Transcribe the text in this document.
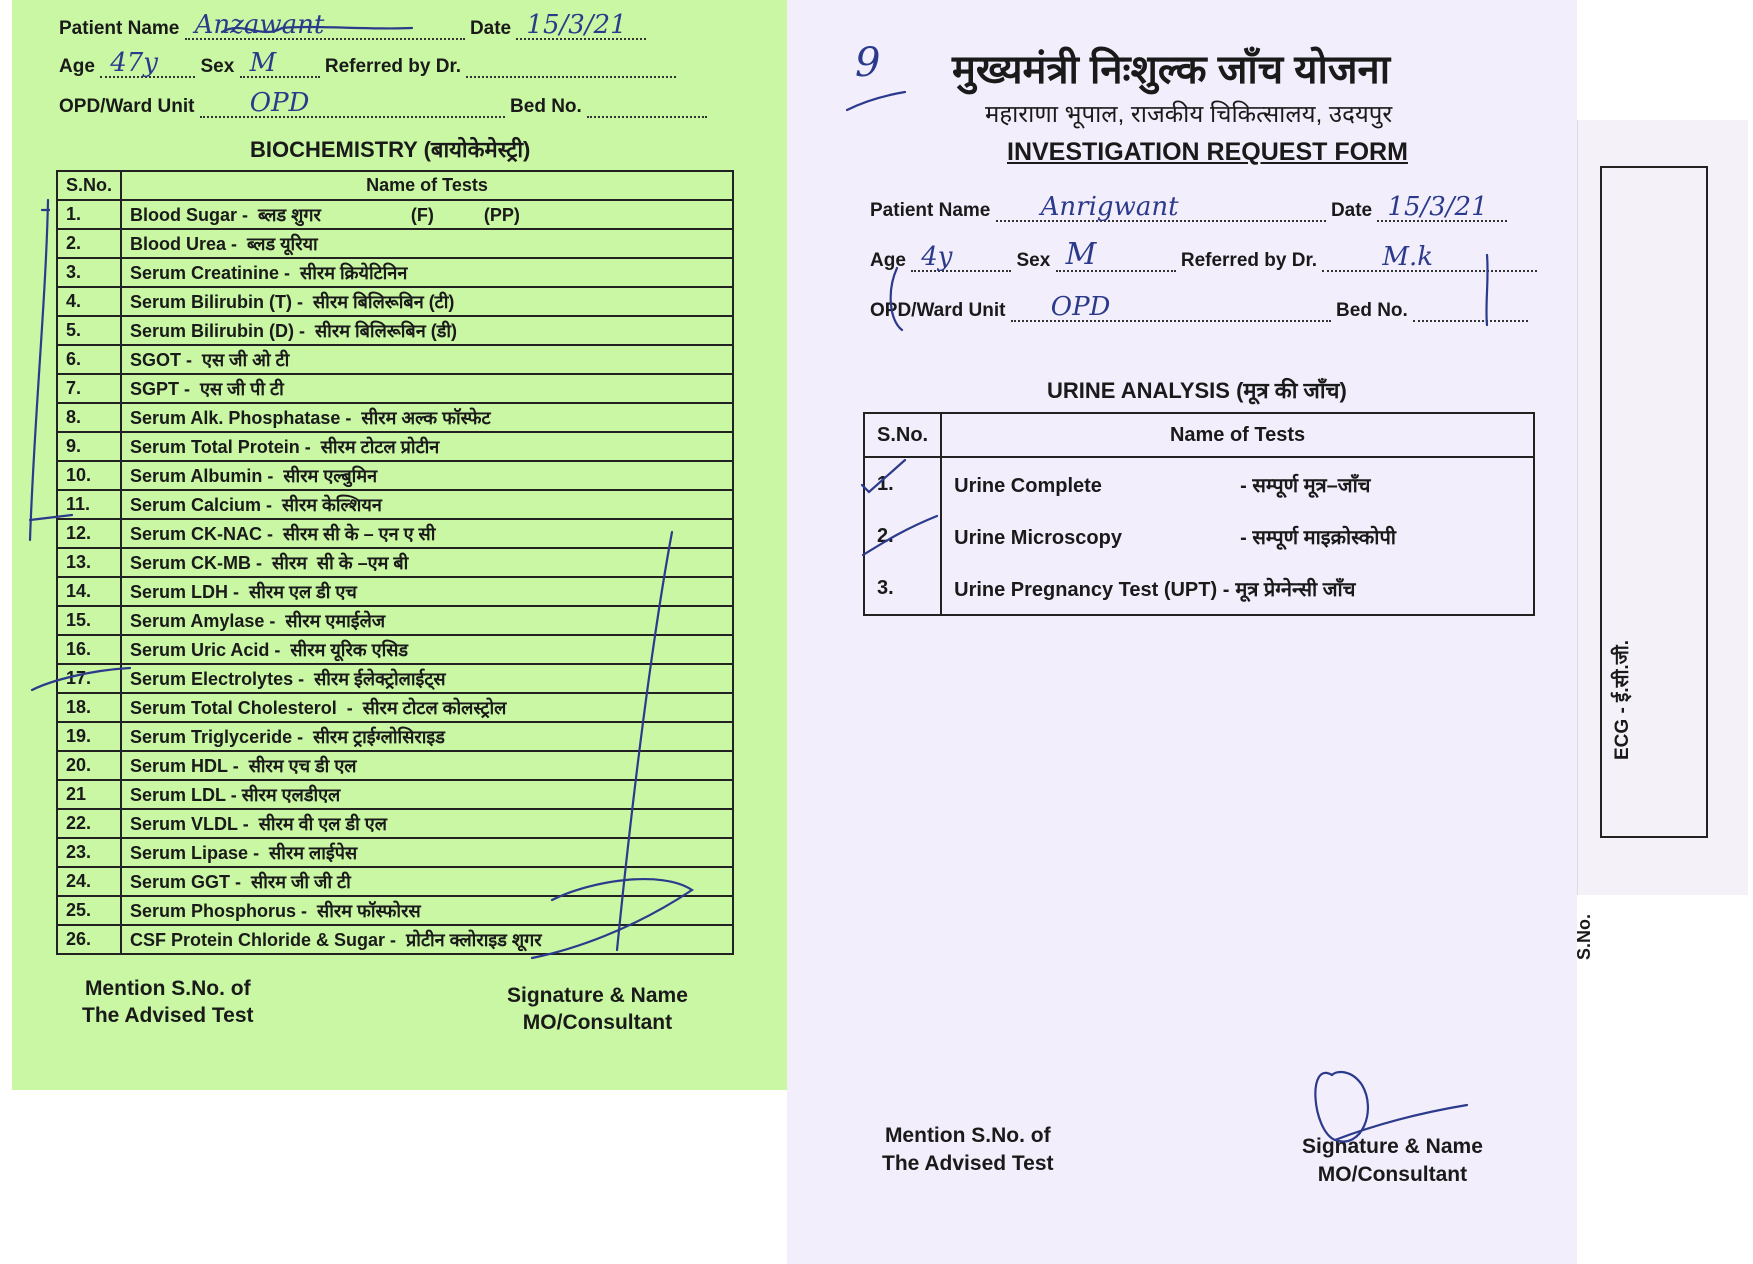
Patient Name Anzawant	Date 15/3/21
Age 47y Sex M	Referred by Dr.
OPD/Ward Unit OPD	Bed No.
BIOCHEMISTRY (बायोकेमेस्ट्री)
S.No.	Name of Tests
1.	Blood Sugar -  ब्लड शुगर                  (F)          (PP)
2.	Blood Urea -  ब्लड यूरिया
3.	Serum Creatinine -  सीरम क्रियेटिनिन
4.	Serum Bilirubin (T) -  सीरम बिलिरूबिन (टी)
5.	Serum Bilirubin (D) -  सीरम बिलिरूबिन (डी)
6.	SGOT -  एस जी ओ टी
7.	SGPT -  एस जी पी टी
8.	Serum Alk. Phosphatase -  सीरम अल्क फॉस्फेट
9.	Serum Total Protein -  सीरम टोटल प्रोटीन
10.	Serum Albumin -  सीरम एल्बुमिन
11.	Serum Calcium -  सीरम केल्शियन
12.	Serum CK-NAC -  सीरम सी के – एन ए सी
13.	Serum CK-MB -  सीरम  सी के –एम बी
14.	Serum LDH -  सीरम एल डी एच
15.	Serum Amylase -  सीरम एमाईलेज
16.	Serum Uric Acid -  सीरम यूरिक एसिड
17.	Serum Electrolytes -  सीरम ईलेक्ट्रोलाईट्स
18.	Serum Total Cholesterol  -  सीरम टोटल कोलस्ट्रोल
19.	Serum Triglyceride -  सीरम ट्राईग्लोसिराइड
20.	Serum HDL -  सीरम एच डी एल
21	Serum LDL - सीरम एलडीएल
22.	Serum VLDL -  सीरम वी एल डी एल
23.	Serum Lipase -  सीरम लाईपेस
24.	Serum GGT -  सीरम जी जी टी
25.	Serum Phosphorus -  सीरम फॉस्फोरस
26.	CSF Protein Chloride & Sugar -  प्रोटीन क्लोराइड शूगर
Mention S.No. of
The Advised Test
Signature & Name
MO/Consultant
9 मुख्यमंत्री निःशुल्क जाँच योजना
महाराणा भूपाल, राजकीय चिकित्सालय, उदयपुर
INVESTIGATION REQUEST FORM
Patient Name Anrigwant	Date 15/3/21
Age 4y	Sex M	Referred by Dr.	M.k
OPD/Ward Unit OPD	Bed No.
URINE ANALYSIS (मूत्र की जाँच)
S.No.	Name of Tests
1.	Urine Complete - सम्पूर्ण मूत्र–जाँच
2.	Urine Microscopy - सम्पूर्ण माइक्रोस्कोपी
3.	Urine Pregnancy Test (UPT) - मूत्र प्रेग्नेन्सी जाँच
Mention S.No. of
The Advised Test
Signature & Name
MO/Consultant
ECG - ई.सी.जी.
S.No.
